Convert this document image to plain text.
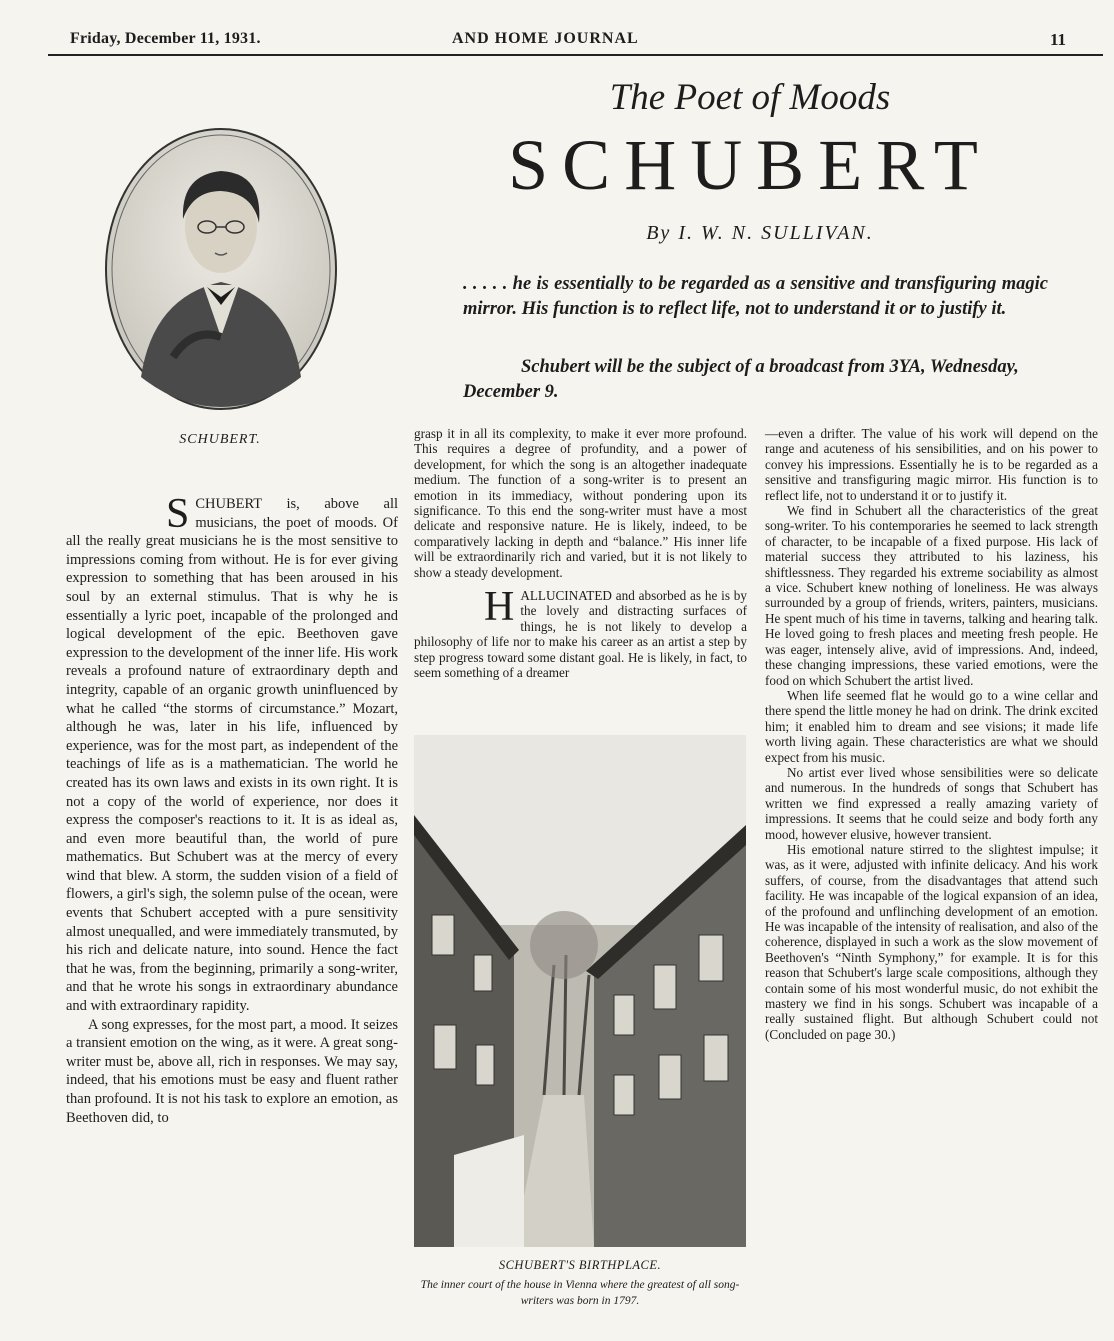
Friday, December 11, 1931.	AND HOME JOURNAL	11
The Poet of Moods
SCHUBERT
By I. W. N. SULLIVAN.
. . . . . he is essentially to be regarded as a sensitive and transfiguring magic mirror. His function is to reflect life, not to understand it or to justify it.
Schubert will be the subject of a broadcast from 3YA, Wednesday, December 9.
SCHUBERT.

S CHUBERT is, above all musicians, the poet of moods. Of all the really great musicians he is the most sensitive to impressions coming from without. He is for ever giving expression to something that has been aroused in his soul by an external stimulus. That is why he is essentially a lyric poet, incapable of the prolonged and logical development of the epic. Beethoven gave expression to the development of the inner life. His work reveals a profound nature of extraordinary depth and integrity, capable of an organic growth uninfluenced by what he called “the storms of circumstance.” Mozart, although he was, later in his life, influenced by experience, was for the most part, as independent of the teachings of life as is a mathematician. The world he created has its own laws and exists in its own right. It is not a copy of the world of experience, nor does it express the composer's reactions to it. It is as ideal as, and even more beautiful than, the world of pure mathematics. But Schubert was at the mercy of every wind that blew. A storm, the sudden vision of a field of flowers, a girl's sigh, the solemn pulse of the ocean, were events that Schubert accepted with a pure sensitivity almost unequalled, and were immediately transmuted, by his rich and delicate nature, into sound. Hence the fact that he was, from the beginning, primarily a song-writer, and that he wrote his songs in extraordinary abundance and with extraordinary rapidity.

A song expresses, for the most part, a mood. It seizes a transient emotion on the wing, as it were. A great song-writer must be, above all, rich in responses. We may say, indeed, that his emotions must be easy and fluent rather than profound. It is not his task to explore an emotion, as Beethoven did, to

grasp it in all its complexity, to make it ever more profound. This requires a degree of profundity, and a power of development, for which the song is an altogether inadequate medium. The function of a song-writer is to present an emotion in its immediacy, without pondering upon its significance. To this end the song-writer must have a most delicate and responsive nature. He is likely, indeed, to be comparatively lacking in depth and “balance.” His inner life will be extraordinarily rich and varied, but it is not likely to show a steady development.

H ALLUCINATED and absorbed as he is by the lovely and distracting surfaces of things, he is not likely to develop a philosophy of life nor to make his career as an artist a step by step progress toward some distant goal. He is likely, in fact, to seem something of a dreamer

SCHUBERT'S BIRTHPLACE.
The inner court of the house in Vienna where the greatest of all song-writers was born in 1797.

—even a drifter. The value of his work will depend on the range and acuteness of his sensibilities, and on his power to convey his impressions. Essentially he is to be regarded as a sensitive and transfiguring magic mirror. His function is to reflect life, not to understand it or to justify it.

We find in Schubert all the characteristics of the great song-writer. To his contemporaries he seemed to lack strength of character, to be incapable of a fixed purpose. His lack of material success they attributed to his laziness, his shiftlessness. They regarded his extreme sociability as almost a vice. Schubert knew nothing of loneliness. He was always surrounded by a group of friends, writers, painters, musicians. He spent much of his time in taverns, talking and hearing talk. He loved going to fresh places and meeting fresh people. He was eager, intensely alive, avid of impressions. And, indeed, these changing impressions, these varied emotions, were the food on which Schubert the artist lived.

When life seemed flat he would go to a wine cellar and there spend the little money he had on drink. The drink excited him; it enabled him to dream and see visions; it made life worth living again. These characteristics are what we should expect from his music.

No artist ever lived whose sensibilities were so delicate and numerous. In the hundreds of songs that Schubert has written we find expressed a really amazing variety of impressions. It seems that he could seize and body forth any mood, however elusive, however transient.

His emotional nature stirred to the slightest impulse; it was, as it were, adjusted with infinite delicacy. And his work suffers, of course, from the disadvantages that attend such facility. He was incapable of the logical expansion of an idea, of the profound and unflinching development of an emotion. He was incapable of the intensity of realisation, and also of the coherence, displayed in such a work as the slow movement of Beethoven's “Ninth Symphony,” for example. It is for this reason that Schubert's large scale compositions, although they contain some of his most wonderful music, do not exhibit the mastery we find in his songs. Schubert was incapable of a really sustained flight. But although Schubert could not (Concluded on page 30.)
